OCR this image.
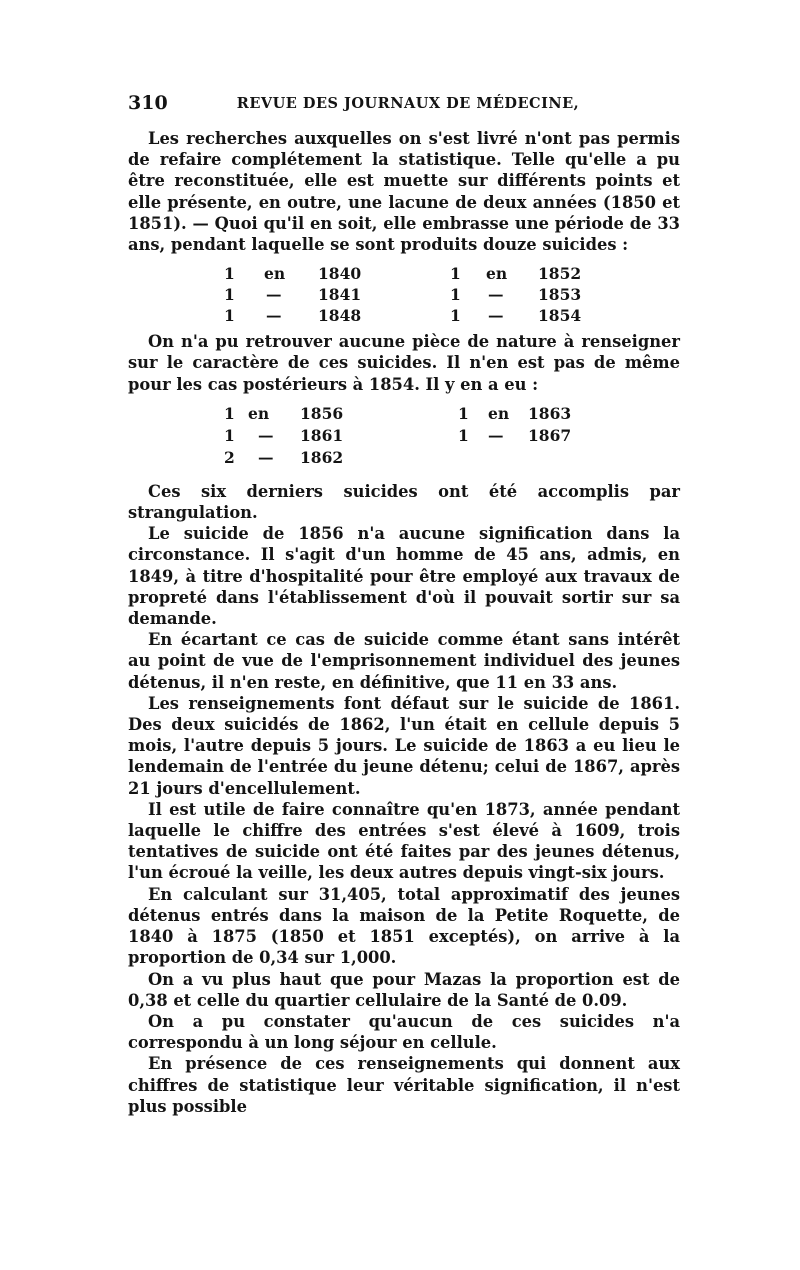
310	REVUE DES JOURNAUX DE MÉDECINE,

Les recherches auxquelles on s'est livré n'ont pas permis de refaire complétement la statistique. Telle qu'elle a pu être reconstituée, elle est muette sur différents points et elle présente, en outre, une lacune de deux années (1850 et 1851). — Quoi qu'il en soit, elle embrasse une période de 33 ans, pendant laquelle se sont produits douze suicides :

1 en 1840	1 en 1852
1 — 1841	1 — 1853
1 — 1848	1 — 1854

On n'a pu retrouver aucune pièce de nature à renseigner sur le caractère de ces suicides. Il n'en est pas de même pour les cas postérieurs à 1854. Il y en a eu :

1 en 1856	1 en 1863
1 — 1861	1 — 1867
2 — 1862

Ces six derniers suicides ont été accomplis par strangulation.

Le suicide de 1856 n'a aucune signification dans la circonstance. Il s'agit d'un homme de 45 ans, admis, en 1849, à titre d'hospitalité pour être employé aux travaux de propreté dans l'établissement d'où il pouvait sortir sur sa demande.

En écartant ce cas de suicide comme étant sans intérêt au point de vue de l'emprisonnement individuel des jeunes détenus, il n'en reste, en définitive, que 11 en 33 ans.

Les renseignements font défaut sur le suicide de 1861. Des deux suicidés de 1862, l'un était en cellule depuis 5 mois, l'autre depuis 5 jours. Le suicide de 1863 a eu lieu le lendemain de l'entrée du jeune détenu; celui de 1867, après 21 jours d'encellulement.

Il est utile de faire connaître qu'en 1873, année pendant laquelle le chiffre des entrées s'est élevé à 1609, trois tentatives de suicide ont été faites par des jeunes détenus, l'un écroué la veille, les deux autres depuis vingt-six jours.

En calculant sur 31,405, total approximatif des jeunes détenus entrés dans la maison de la Petite Roquette, de 1840 à 1875 (1850 et 1851 exceptés), on arrive à la proportion de 0,34 sur 1,000.

On a vu plus haut que pour Mazas la proportion est de 0,38 et celle du quartier cellulaire de la Santé de 0.09.

On a pu constater qu'aucun de ces suicides n'a correspondu à un long séjour en cellule.

En présence de ces renseignements qui donnent aux chiffres de statistique leur véritable signification, il n'est plus possible
